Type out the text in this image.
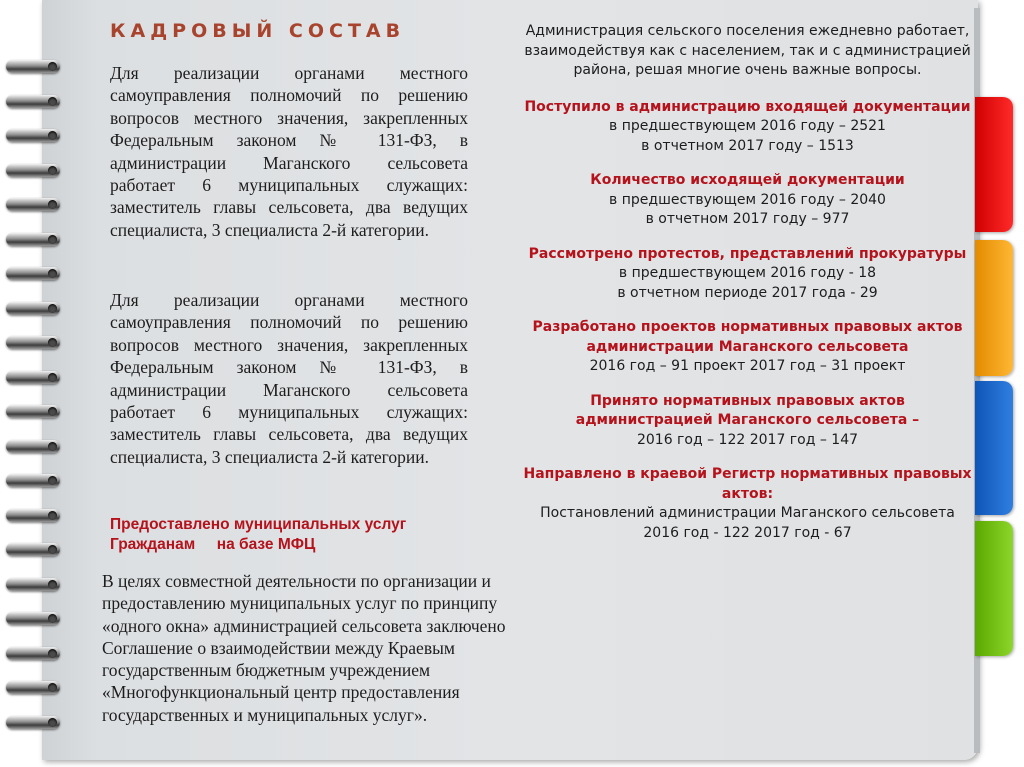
КАДРОВЫЙ СОСТАВ

Для реализации органами местного самоуправления полномочий по решению вопросов местного значения, закрепленных Федеральным законом № 131-ФЗ, в администрации Маганского сельсовета работает 6 муниципальных служащих: заместитель главы сельсовета, два ведущих специалиста, 3 специалиста 2-й категории.

Для реализации органами местного самоуправления полномочий по решению вопросов местного значения, закрепленных Федеральным законом № 131-ФЗ, в администрации Маганского сельсовета работает 6 муниципальных служащих: заместитель главы сельсовета, два ведущих специалиста, 3 специалиста 2-й категории.

Предоставлено муниципальных услуг
Гражданам     на базе МФЦ

В целях совместной деятельности по организации и предоставлению муниципальных услуг по принципу «одного окна» администрацией сельсовета заключено Соглашение о взаимодействии между Краевым государственным бюджетным учреждением «Многофункциональный центр предоставления государственных и муниципальных услуг».

Администрация сельского поселения ежедневно работает, взаимодействуя как с населением, так и с администрацией района, решая многие очень важные вопросы.

Поступило в администрацию входящей документации

в предшествующем 2016 году – 2521

в отчетном 2017 году – 1513

Количество исходящей документации

в предшествующем 2016 году – 2040

в отчетном 2017 году – 977

Рассмотрено протестов, представлений прокуратуры

в предшествующем 2016 году - 18

в отчетном периоде 2017 года - 29

Разработано проектов нормативных правовых актов администрации Маганского сельсовета

2016 год – 91 проект 2017 год – 31 проект

Принято нормативных правовых актов администрацией Маганского сельсовета –

2016 год – 122 2017 год – 147

Направлено в краевой Регистр нормативных правовых актов:

Постановлений администрации Маганского сельсовета

2016 год - 122 2017 год - 67
